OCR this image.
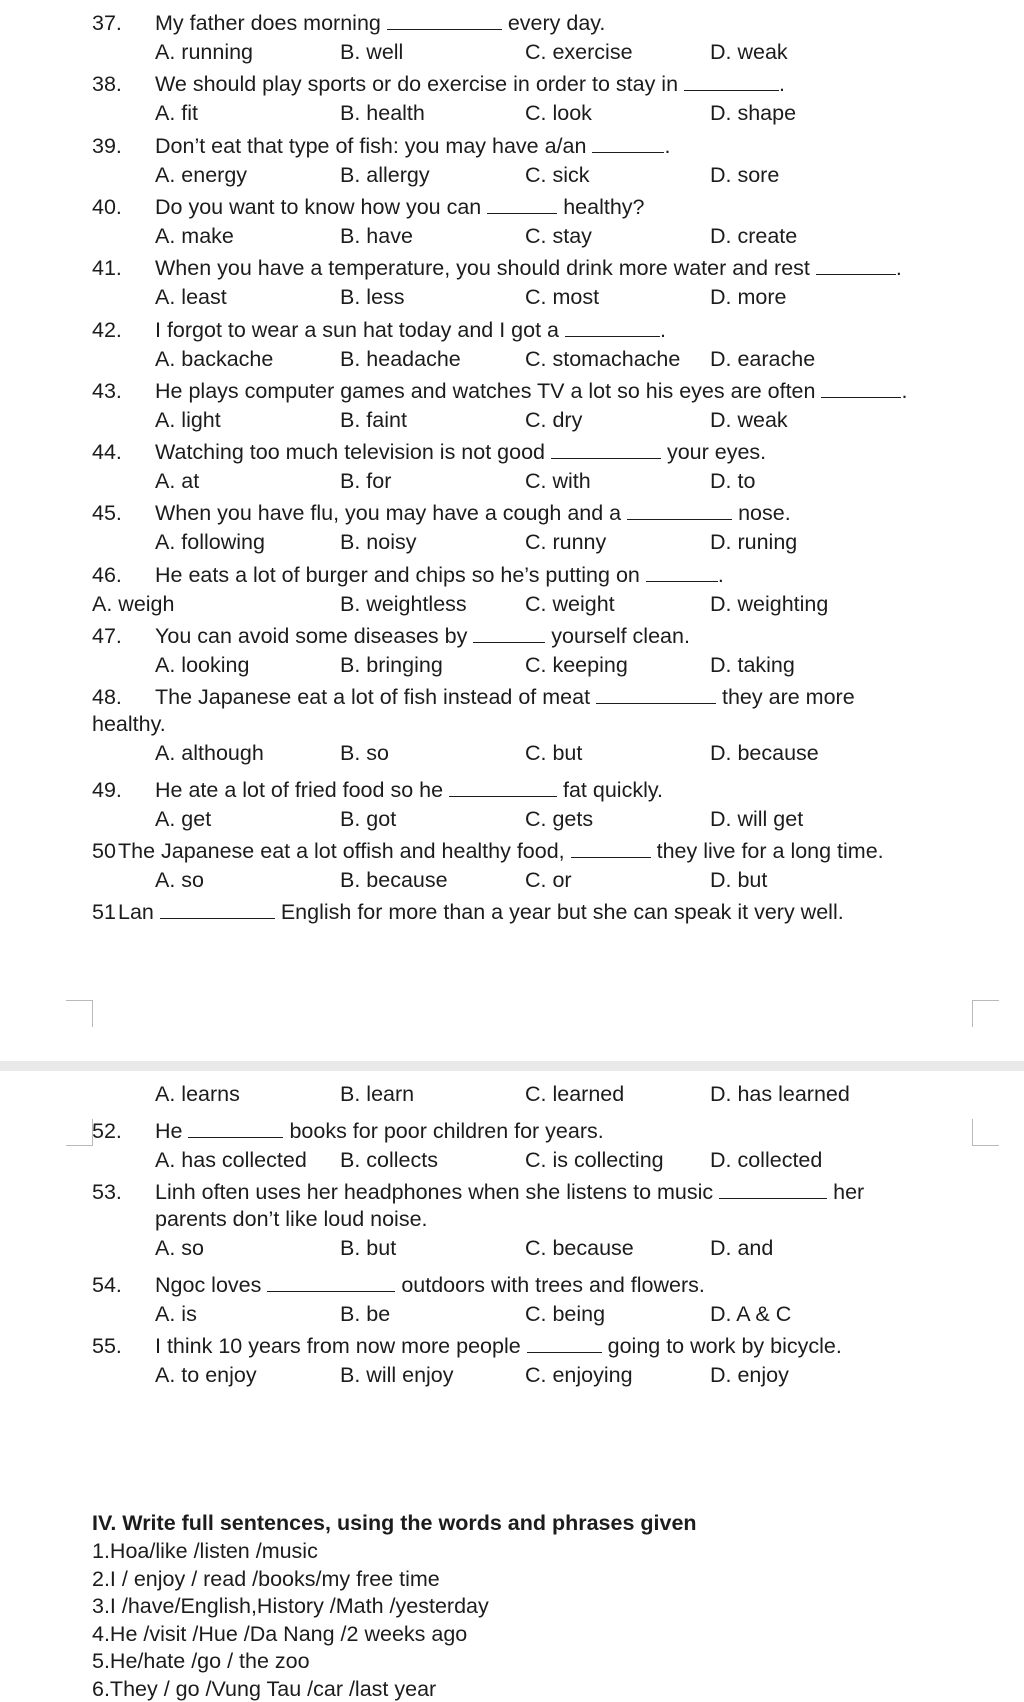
37. My father does morning	every day.
A. running	B. well	C. exercise	D. weak
38. We should play sports or do exercise in order to stay in	.
A. fit	B. health	C. look	D. shape
39. Don’t eat that type of fish: you may have a/an	.
A. energy	B. allergy	C. sick	D. sore
40. Do you want to know how you can	healthy?
A. make	B. have	C. stay	D. create
41. When you have a temperature, you should drink more water and rest	.
A. least	B. less	C. most	D. more
42. I forgot to wear a sun hat today and I got a	.
A. backache	B. headache	C. stomachache D. earache
43. He plays computer games and watches TV a lot so his eyes are often	.
A. light	B. faint	C. dry	D. weak
44. Watching too much television is not good	your eyes.
A. at	B. for	C. with	D. to
45. When you have flu, you may have a cough and a	nose.
A. following	B. noisy	C. runny	D. runing
46. He eats a lot of burger and chips so he’s putting on	.
A. weigh	B. weightless	C. weight	D. weighting
47. You can avoid some diseases by	yourself clean.
A. looking	B. bringing	C. keeping	D. taking
48. The Japanese eat a lot of fish instead of meat	they are more
healthy.
A. although	B. so	C. but	D. because
49. He ate a lot of fried food so he	fat quickly.
A. get	B. got	C. gets	D. will get
50 The Japanese eat a lot offish and healthy food,	they live for a long time.
A. so	B. because	C. or	D. but
51 Lan	English for more than a year but she can speak it very well.
A. learns	B. learn	C. learned	D. has learned
52. He	books for poor children for years.
A. has collected B. collects	C. is collecting D. collected
53. Linh often uses her headphones when she listens to music	her
parents don’t like loud noise.
A. so	B. but	C. because	D. and
54. Ngoc loves	outdoors with trees and flowers.
A. is	B. be	C. being	D. A & C
55. I think 10 years from now more people	going to work by bicycle.
A. to enjoy	B. will enjoy	C. enjoying	D. enjoy
IV. Write full sentences, using the words and phrases given
1.Hoa/like /listen /music
2.I / enjoy / read /books/my free time
3.I /have/English,History /Math /yesterday
4.He /visit /Hue /Da Nang /2 weeks ago
5.He/hate /go / the zoo
6.They / go /Vung Tau /car /last year
